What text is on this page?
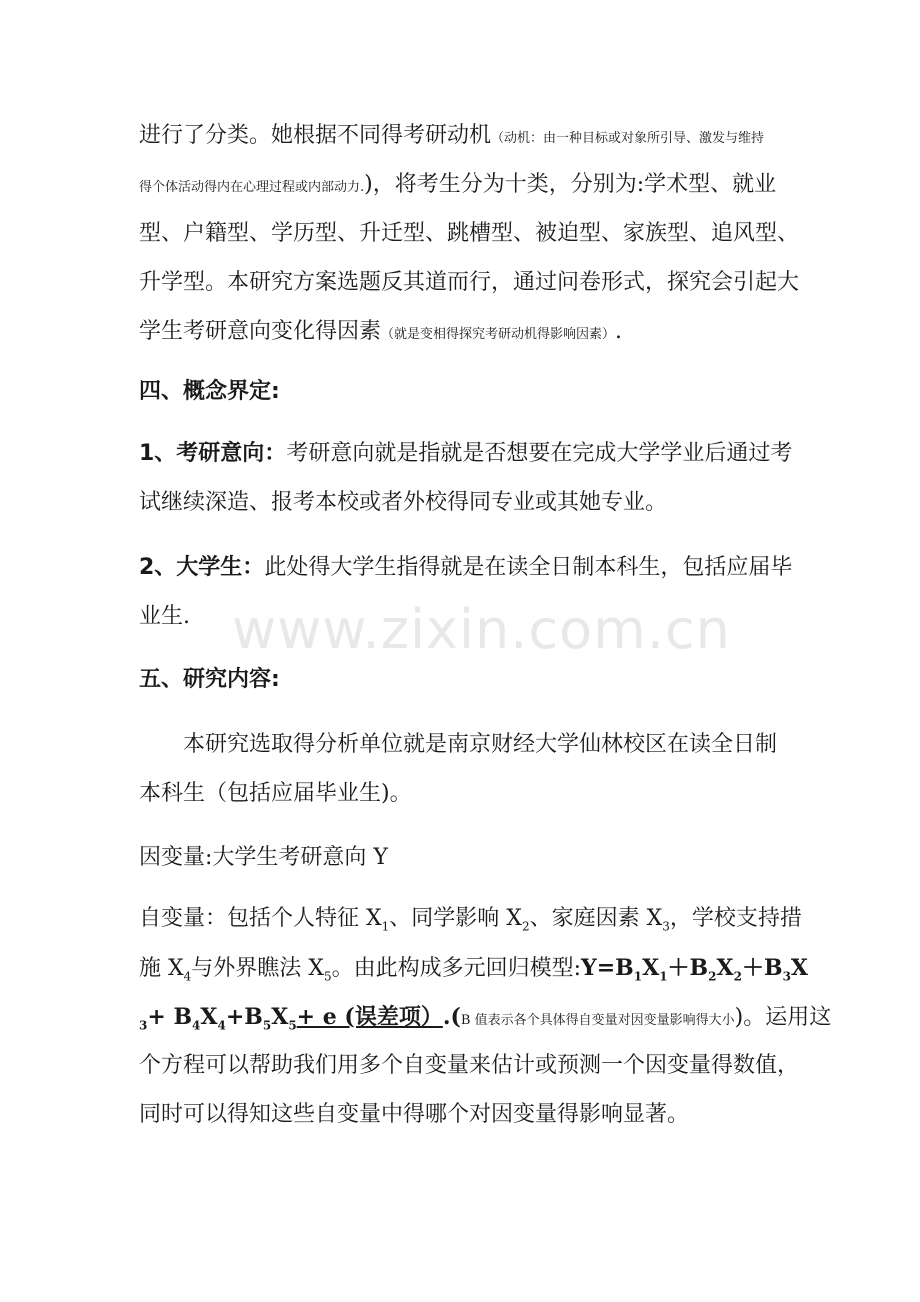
www.zixin.com.cn
进行了分类。她根据不同得考研动机（动机：由一种目标或对象所引导、激发与维持
得个体活动得内在心理过程或内部动力.)，将考生分为十类，分别为:学术型、就业
型、户籍型、学历型、升迁型、跳槽型、被迫型、家族型、追风型、
升学型。本研究方案选题反其道而行，通过问卷形式，探究会引起大
学生考研意向变化得因素（就是变相得探究考研动机得影响因素）.
四、概念界定:
1、考研意向：考研意向就是指就是否想要在完成大学学业后通过考
试继续深造、报考本校或者外校得同专业或其她专业。
2、大学生：此处得大学生指得就是在读全日制本科生，包括应届毕
业生.
五、研究内容:
本研究选取得分析单位就是南京财经大学仙林校区在读全日制
本科生（包括应届毕业生)。
因变量:大学生考研意向 Y
自变量：包括个人特征 $X_1$、同学影响 $X_2$、家庭因素 $X_3$，学校支持措
施 $X_4$与外界瞧法 $X_5$。由此构成多元回归模型$:Y=B_1X_1+B_2X_2+B_3X$
$_3+ B_4X_4+B_5X_5+ e$ (误差项）.(B 值表示各个具体得自变量对因变量影响得大小)。运用这
个方程可以帮助我们用多个自变量来估计或预测一个因变量得数值，
同时可以得知这些自变量中得哪个对因变量得影响显著。
